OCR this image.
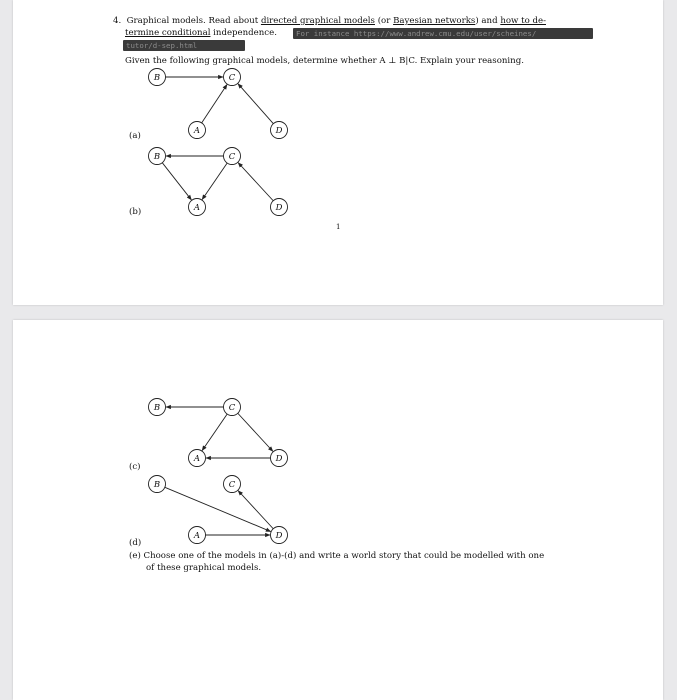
4. Graphical models. Read about directed graphical models (or Bayesian networks) and how to de-
termine conditional independence.	For instance https://www.andrew.cmu.edu/user/scheines/
tutor/d-sep.html
Given the following graphical models, determine whether A ⊥ B|C. Explain your reasoning.
(a)
(b)
1
(c)
(d)
(e) Choose one of the models in (a)-(d) and write a world story that could be modelled with one
of these graphical models.
B	C
A	D
B	C
A	D
B	C
A	D
B	C
A	D
